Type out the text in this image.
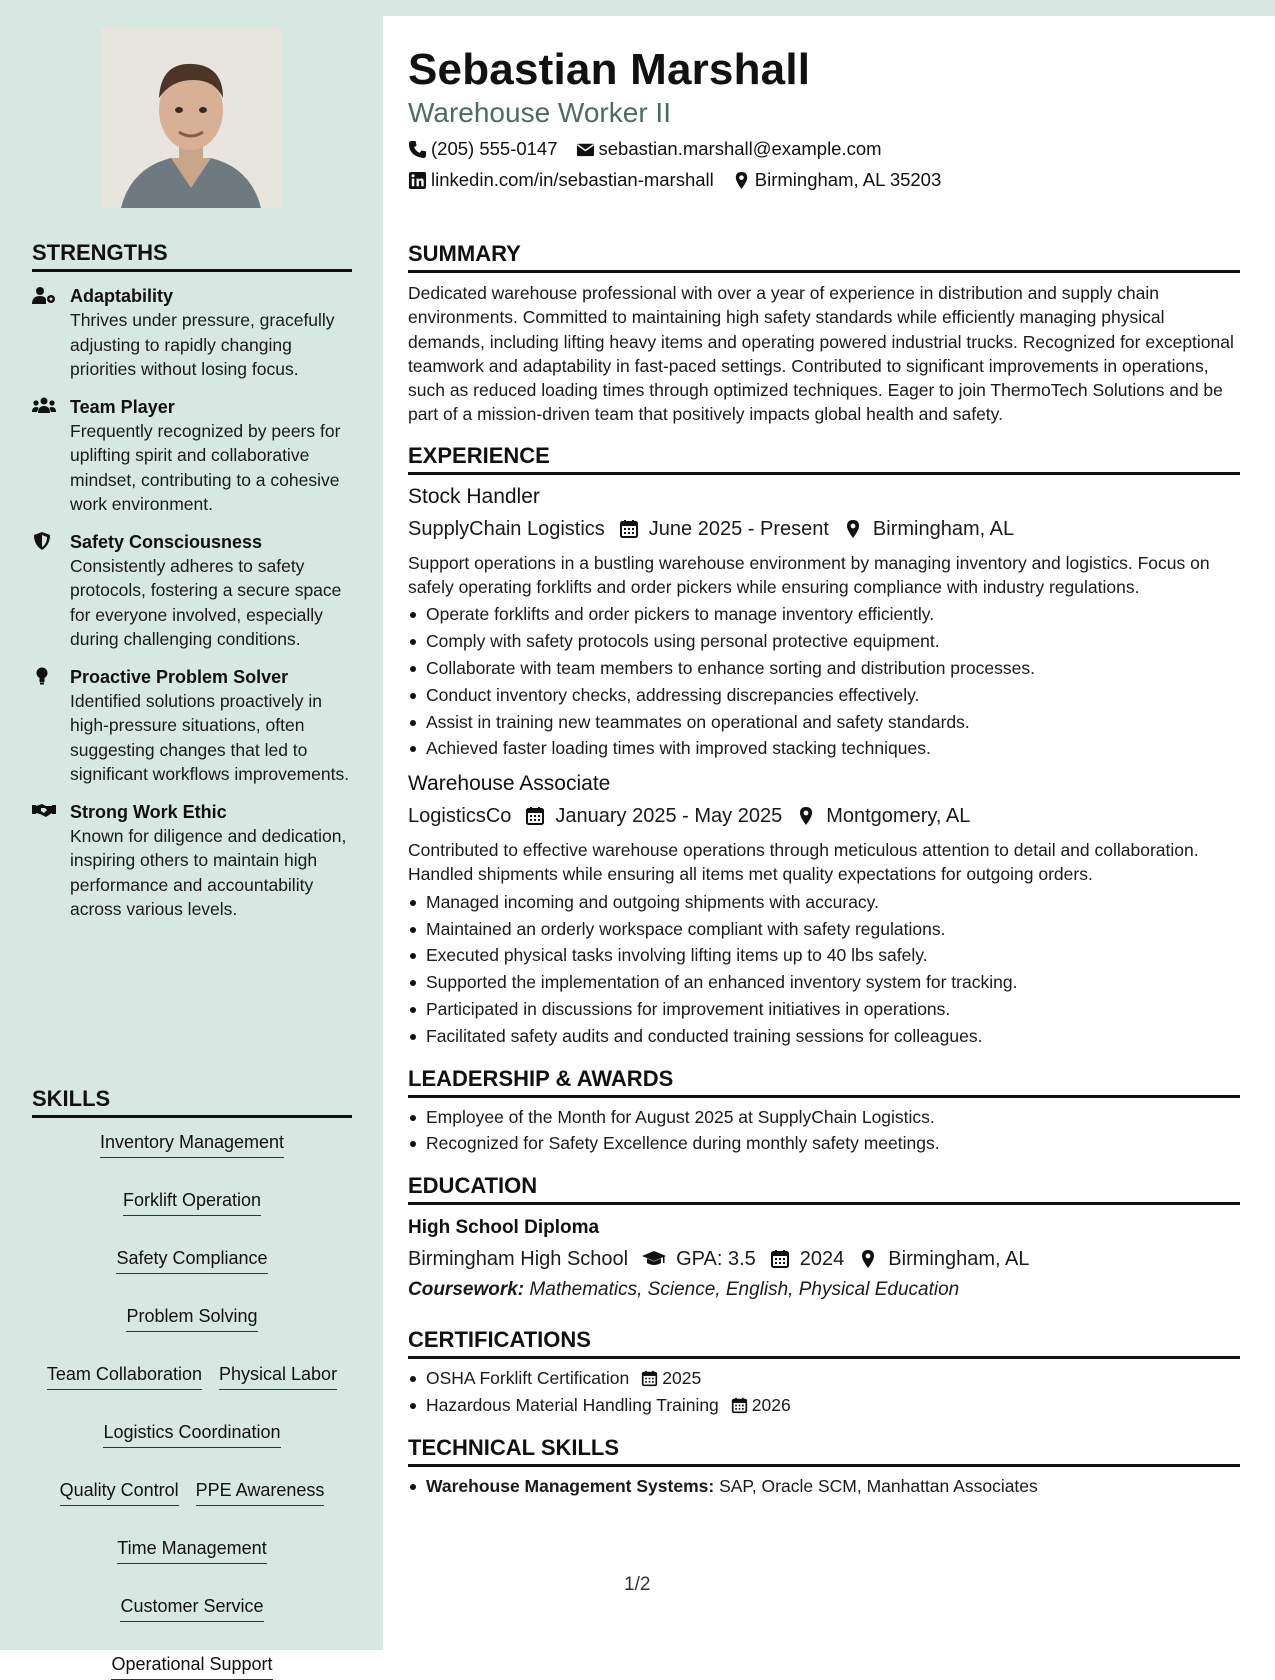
STRENGTHS
Adaptability
Thrives under pressure, gracefully adjusting to rapidly changing priorities without losing focus.
Team Player
Frequently recognized by peers for uplifting spirit and collaborative mindset, contributing to a cohesive work environment.
Safety Consciousness
Consistently adheres to safety protocols, fostering a secure space for everyone involved, especially during challenging conditions.
Proactive Problem Solver
Identified solutions proactively in high-pressure situations, often suggesting changes that led to significant workflows improvements.
Strong Work Ethic
Known for diligence and dedication, inspiring others to maintain high performance and accountability across various levels.
SKILLS
Inventory Management
Forklift Operation
Safety Compliance
Problem Solving
Team Collaboration Physical Labor
Logistics Coordination
Quality Control PPE Awareness
Time Management
Customer Service
Operational Support
Sebastian Marshall
Warehouse Worker II
(205) 555-0147 sebastian.marshall@example.com
linkedin.com/in/sebastian-marshall Birmingham, AL 35203
SUMMARY
Dedicated warehouse professional with over a year of experience in distribution and supply chain environments. Committed to maintaining high safety standards while efficiently managing physical demands, including lifting heavy items and operating powered industrial trucks. Recognized for exceptional teamwork and adaptability in fast-paced settings. Contributed to significant improvements in operations, such as reduced loading times through optimized techniques. Eager to join ThermoTech Solutions and be part of a mission-driven team that positively impacts global health and safety.
EXPERIENCE
Stock Handler
SupplyChain Logistics June 2025 - Present Birmingham, AL
Support operations in a bustling warehouse environment by managing inventory and logistics. Focus on safely operating forklifts and order pickers while ensuring compliance with industry regulations.
Operate forklifts and order pickers to manage inventory efficiently.
Comply with safety protocols using personal protective equipment.
Collaborate with team members to enhance sorting and distribution processes.
Conduct inventory checks, addressing discrepancies effectively.
Assist in training new teammates on operational and safety standards.
Achieved faster loading times with improved stacking techniques.
Warehouse Associate
LogisticsCo January 2025 - May 2025 Montgomery, AL
Contributed to effective warehouse operations through meticulous attention to detail and collaboration. Handled shipments while ensuring all items met quality expectations for outgoing orders.
Managed incoming and outgoing shipments with accuracy.
Maintained an orderly workspace compliant with safety regulations.
Executed physical tasks involving lifting items up to 40 lbs safely.
Supported the implementation of an enhanced inventory system for tracking.
Participated in discussions for improvement initiatives in operations.
Facilitated safety audits and conducted training sessions for colleagues.
LEADERSHIP & AWARDS
Employee of the Month for August 2025 at SupplyChain Logistics.
Recognized for Safety Excellence during monthly safety meetings.
EDUCATION
High School Diploma
Birmingham High School GPA: 3.5 2024 Birmingham, AL
Coursework: Mathematics, Science, English, Physical Education
CERTIFICATIONS
OSHA Forklift Certification 2025
Hazardous Material Handling Training 2026
TECHNICAL SKILLS
Warehouse Management Systems: SAP, Oracle SCM, Manhattan Associates
1/2
